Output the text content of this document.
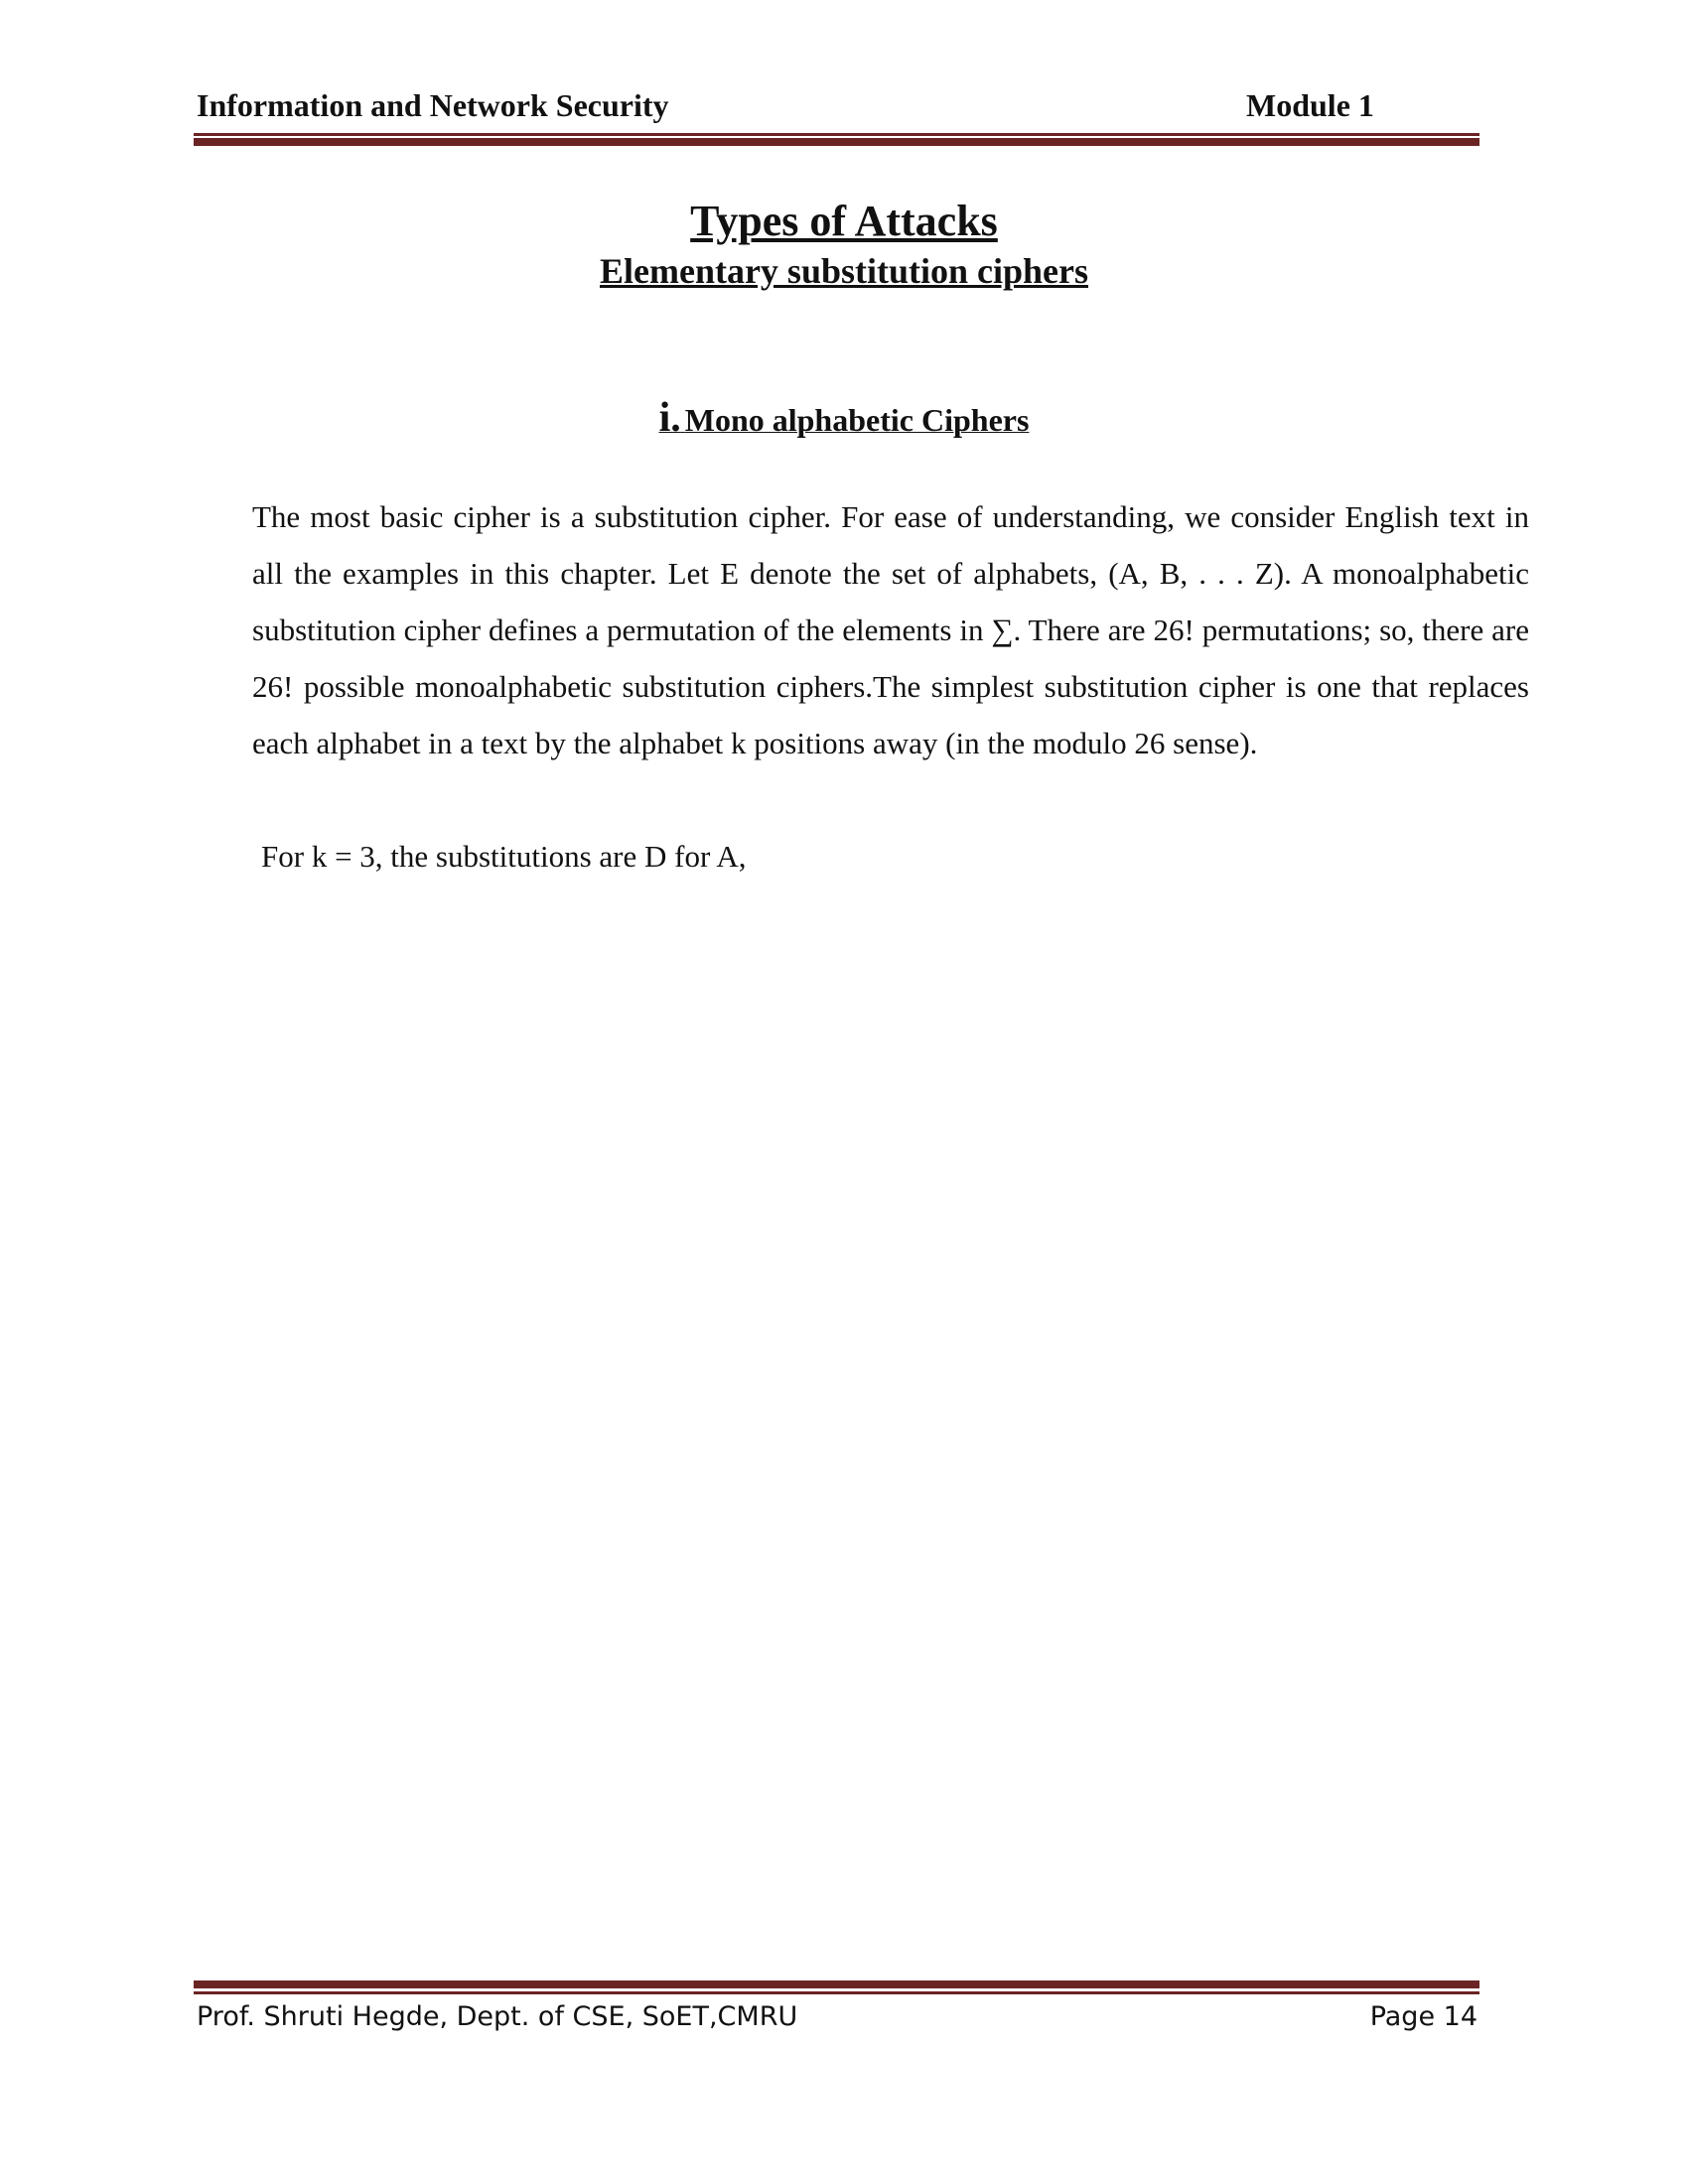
Information and Network Security	Module 1
Types of Attacks
Elementary substitution ciphers
i. Mono alphabetic Ciphers
The most basic cipher is a substitution cipher. For ease of understanding, we consider English text in all the examples in this chapter. Let E denote the set of alphabets, (A, B, . . . Z). A monoalphabetic substitution cipher defines a permutation of the elements in ∑. There are 26! permutations; so, there are 26! possible monoalphabetic substitution ciphers.The simplest substitution cipher is one that replaces each alphabet in a text by the alphabet k positions away (in the modulo 26 sense).
For k = 3, the substitutions are D for A,
Prof. Shruti Hegde, Dept. of CSE, SoET,CMRU	Page 14
